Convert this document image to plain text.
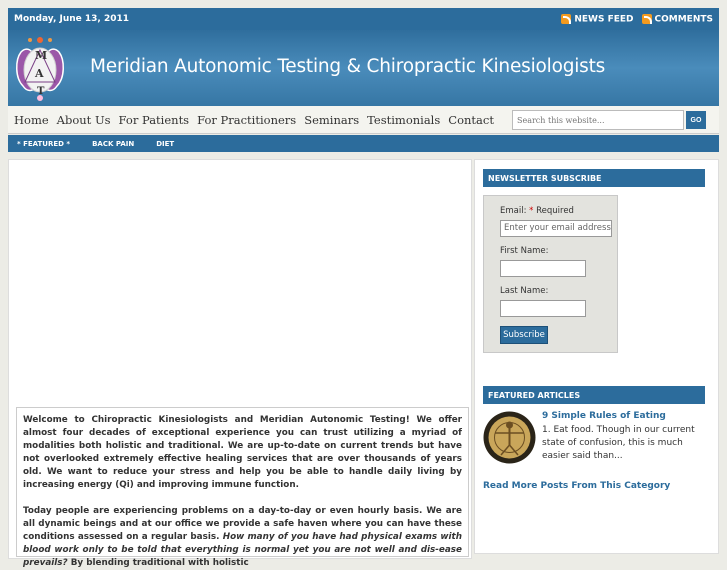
Monday, June 13, 2011	NEWS FEED	COMMENTS
M
A
T
Meridian Autonomic Testing & Chiropractic Kinesiologists
Home About Us For Patients For Practitioners Seminars Testimonials Contact
Search this website...	GO
* FEATURED *	BACK PAIN	DIET

Welcome to Chiropractic Kinesiologists and Meridian Autonomic Testing! We offer almost four decades of exceptional experience you can trust utilizing a myriad of modalities both holistic and traditional. We are up-to-date on current trends but have not overlooked extremely effective healing services that are over thousands of years old. We want to reduce your stress and help you be able to handle daily living by increasing energy (Qi) and improving immune function.

Today people are experiencing problems on a day-to-day or even hourly basis. We are all dynamic beings and at our office we provide a safe haven where you can have these conditions assessed on a regular basis. How many of you have had physical exams with blood work only to be told that everything is normal yet you are not well and dis-ease prevails? By blending traditional with holistic

NEWSLETTER SUBSCRIBE
Email: * Required
Enter your email address
First Name:
Last Name:
Subscribe
FEATURED ARTICLES
9 Simple Rules of Eating
1. Eat food. Though in our current state of confusion, this is much easier said than...
Read More Posts From This Category
